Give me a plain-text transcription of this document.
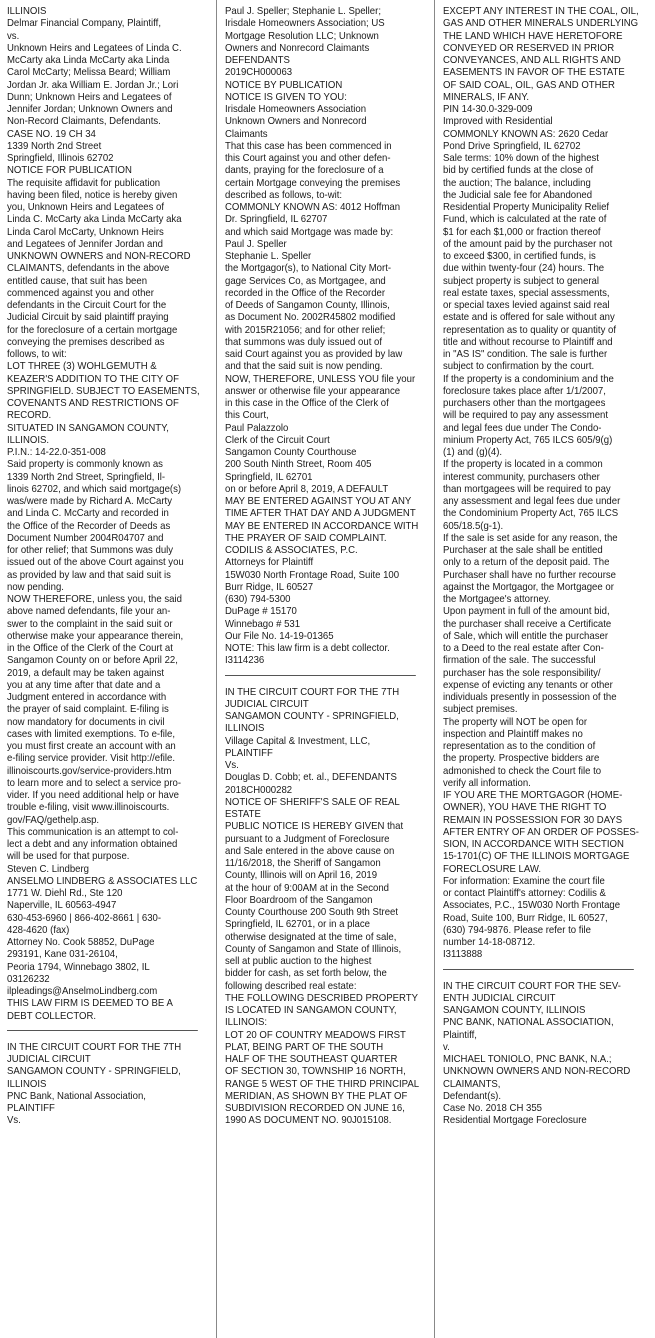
ILLINOIS
Delmar Financial Company, Plaintiff,
vs.
Unknown Heirs and Legatees of Linda C.
McCarty aka Linda McCarty aka Linda
Carol McCarty; Melissa Beard; William
Jordan Jr. aka William E. Jordan Jr.; Lori
Dunn; Unknown Heirs and Legatees of
Jennifer Jordan; Unknown Owners and
Non-Record Claimants, Defendants.
CASE NO. 19 CH 34
1339 North 2nd Street
Springfield, Illinois 62702
NOTICE FOR PUBLICATION
The requisite affidavit for publication
having been filed, notice is hereby given
you, Unknown Heirs and Legatees of
Linda C. McCarty aka Linda McCarty aka
Linda Carol McCarty, Unknown Heirs
and Legatees of Jennifer Jordan and
UNKNOWN OWNERS and NON-RECORD
CLAIMANTS, defendants in the above
entitled cause, that suit has been
commenced against you and other
defendants in the Circuit Court for the
Judicial Circuit by said plaintiff praying
for the foreclosure of a certain mortgage
conveying the premises described as
follows, to wit:
LOT THREE (3) WOHLGEMUTH &
KEAZER'S ADDITION TO THE CITY OF
SPRINGFIELD. SUBJECT TO EASEMENTS,
COVENANTS AND RESTRICTIONS OF
RECORD.
SITUATED IN SANGAMON COUNTY,
ILLINOIS.
P.I.N.: 14-22.0-351-008
Said property is commonly known as
1339 North 2nd Street, Springfield, Il-
linois 62702, and which said mortgage(s)
was/were made by Richard A. McCarty
and Linda C. McCarty and recorded in
the Office of the Recorder of Deeds as
Document Number 2004R04707 and
for other relief; that Summons was duly
issued out of the above Court against you
as provided by law and that said suit is
now pending.
NOW THEREFORE, unless you, the said
above named defendants, file your an-
swer to the complaint in the said suit or
otherwise make your appearance therein,
in the Office of the Clerk of the Court at
Sangamon County on or before April 22,
2019, a default may be taken against
you at any time after that date and a
Judgment entered in accordance with
the prayer of said complaint. E-filing is
now mandatory for documents in civil
cases with limited exemptions. To e-file,
you must first create an account with an
e-filing service provider. Visit http://efile.
illinoiscourts.gov/service-providers.htm
to learn more and to select a service pro-
vider. If you need additional help or have
trouble e-filing, visit www.illinoiscourts.
gov/FAQ/gethelp.asp.
This communication is an attempt to col-
lect a debt and any information obtained
will be used for that purpose.
Steven C. Lindberg
ANSELMO LINDBERG & ASSOCIATES LLC
1771 W. Diehl Rd., Ste 120
Naperville, IL 60563-4947
630-453-6960 | 866-402-8661 | 630-
428-4620 (fax)
Attorney No. Cook 58852, DuPage
293191, Kane 031-26104,
Peoria 1794, Winnebago 3802, IL
03126232
ilpleadings@AnselmoLindberg.com
THIS LAW FIRM IS DEEMED TO BE A
DEBT COLLECTOR.
IN THE CIRCUIT COURT FOR THE 7TH
JUDICIAL CIRCUIT
SANGAMON COUNTY - SPRINGFIELD,
ILLINOIS
PNC Bank, National Association,
PLAINTIFF
Vs.
Paul J. Speller; Stephanie L. Speller;
Irisdale Homeowners Association; US
Mortgage Resolution LLC; Unknown
Owners and Nonrecord Claimants
DEFENDANTS
2019CH000063
NOTICE BY PUBLICATION
NOTICE IS GIVEN TO YOU:
Irisdale Homeowners Association
Unknown Owners and Nonrecord
Claimants
That this case has been commenced in
this Court against you and other defen-
dants, praying for the foreclosure of a
certain Mortgage conveying the premises
described as follows, to-wit:
COMMONLY KNOWN AS: 4012 Hoffman
Dr. Springfield, IL 62707
and which said Mortgage was made by:
Paul J. Speller
Stephanie L. Speller
the Mortgagor(s), to National City Mort-
gage Services Co, as Mortgagee, and
recorded in the Office of the Recorder
of Deeds of Sangamon County, Illinois,
as Document No. 2002R45802 modified
with 2015R21056; and for other relief;
that summons was duly issued out of
said Court against you as provided by law
and that the said suit is now pending.
NOW, THEREFORE, UNLESS YOU file your
answer or otherwise file your appearance
in this case in the Office of the Clerk of
this Court,
Paul Palazzolo
Clerk of the Circuit Court
Sangamon County Courthouse
200 South Ninth Street, Room 405
Springfield, IL 62701
on or before April 8, 2019, A DEFAULT
MAY BE ENTERED AGAINST YOU AT ANY
TIME AFTER THAT DAY AND A JUDGMENT
MAY BE ENTERED IN ACCORDANCE WITH
THE PRAYER OF SAID COMPLAINT.
CODILIS & ASSOCIATES, P.C.
Attorneys for Plaintiff
15W030 North Frontage Road, Suite 100
Burr Ridge, IL 60527
(630) 794-5300
DuPage # 15170
Winnebago # 531
Our File No. 14-19-01365
NOTE: This law firm is a debt collector.
I3114236
IN THE CIRCUIT COURT FOR THE 7TH
JUDICIAL CIRCUIT
SANGAMON COUNTY - SPRINGFIELD,
ILLINOIS
Village Capital & Investment, LLC,
PLAINTIFF
Vs.
Douglas D. Cobb; et. al., DEFENDANTS
2018CH000282
NOTICE OF SHERIFF'S SALE OF REAL
ESTATE
PUBLIC NOTICE IS HEREBY GIVEN that
pursuant to a Judgment of Foreclosure
and Sale entered in the above cause on
11/16/2018, the Sheriff of Sangamon
County, Illinois will on April 16, 2019
at the hour of 9:00AM at in the Second
Floor Boardroom of the Sangamon
County Courthouse 200 South 9th Street
Springfield, IL 62701, or in a place
otherwise designated at the time of sale,
County of Sangamon and State of Illinois,
sell at public auction to the highest
bidder for cash, as set forth below, the
following described real estate:
THE FOLLOWING DESCRIBED PROPERTY
IS LOCATED IN SANGAMON COUNTY,
ILLINOIS:
LOT 20 OF COUNTRY MEADOWS FIRST
PLAT, BEING PART OF THE SOUTH
HALF OF THE SOUTHEAST QUARTER
OF SECTION 30, TOWNSHIP 16 NORTH,
RANGE 5 WEST OF THE THIRD PRINCIPAL
MERIDIAN, AS SHOWN BY THE PLAT OF
SUBDIVISION RECORDED ON JUNE 16,
1990 AS DOCUMENT NO. 90J015108.
EXCEPT ANY INTEREST IN THE COAL, OIL,
GAS AND OTHER MINERALS UNDERLYING
THE LAND WHICH HAVE HERETOFORE
CONVEYED OR RESERVED IN PRIOR
CONVEYANCES, AND ALL RIGHTS AND
EASEMENTS IN FAVOR OF THE ESTATE
OF SAID COAL, OIL, GAS AND OTHER
MINERALS, IF ANY.
PIN 14-30.0-329-009
Improved with Residential
COMMONLY KNOWN AS: 2620 Cedar
Pond Drive Springfield, IL 62702
Sale terms: 10% down of the highest
bid by certified funds at the close of
the auction; The balance, including
the Judicial sale fee for Abandoned
Residential Property Municipality Relief
Fund, which is calculated at the rate of
$1 for each $1,000 or fraction thereof
of the amount paid by the purchaser not
to exceed $300, in certified funds, is
due within twenty-four (24) hours. The
subject property is subject to general
real estate taxes, special assessments,
or special taxes levied against said real
estate and is offered for sale without any
representation as to quality or quantity of
title and without recourse to Plaintiff and
in "AS IS" condition. The sale is further
subject to confirmation by the court.
If the property is a condominium and the
foreclosure takes place after 1/1/2007,
purchasers other than the mortgagees
will be required to pay any assessment
and legal fees due under The Condo-
minium Property Act, 765 ILCS 605/9(g)
(1) and (g)(4).
If the property is located in a common
interest community, purchasers other
than mortgagees will be required to pay
any assessment and legal fees due under
the Condominium Property Act, 765 ILCS
605/18.5(g-1).
If the sale is set aside for any reason, the
Purchaser at the sale shall be entitled
only to a return of the deposit paid. The
Purchaser shall have no further recourse
against the Mortgagor, the Mortgagee or
the Mortgagee's attorney.
Upon payment in full of the amount bid,
the purchaser shall receive a Certificate
of Sale, which will entitle the purchaser
to a Deed to the real estate after Con-
firmation of the sale. The successful
purchaser has the sole responsibility/
expense of evicting any tenants or other
individuals presently in possession of the
subject premises.
The property will NOT be open for
inspection and Plaintiff makes no
representation as to the condition of
the property. Prospective bidders are
admonished to check the Court file to
verify all information.
IF YOU ARE THE MORTGAGOR (HOME-
OWNER), YOU HAVE THE RIGHT TO
REMAIN IN POSSESSION FOR 30 DAYS
AFTER ENTRY OF AN ORDER OF POSSES-
SION, IN ACCORDANCE WITH SECTION
15-1701(C) OF THE ILLINOIS MORTGAGE
FORECLOSURE LAW.
For information: Examine the court file
or contact Plaintiff's attorney: Codilis &
Associates, P.C., 15W030 North Frontage
Road, Suite 100, Burr Ridge, IL 60527,
(630) 794-9876. Please refer to file
number 14-18-08712.
I3113888
IN THE CIRCUIT COURT FOR THE SEV-
ENTH JUDICIAL CIRCUIT
SANGAMON COUNTY, ILLINOIS
PNC BANK, NATIONAL ASSOCIATION,
Plaintiff,
v.
MICHAEL TONIOLO, PNC BANK, N.A.;
UNKNOWN OWNERS AND NON-RECORD
CLAIMANTS,
Defendant(s).
Case No. 2018 CH 355
Residential Mortgage Foreclosure
